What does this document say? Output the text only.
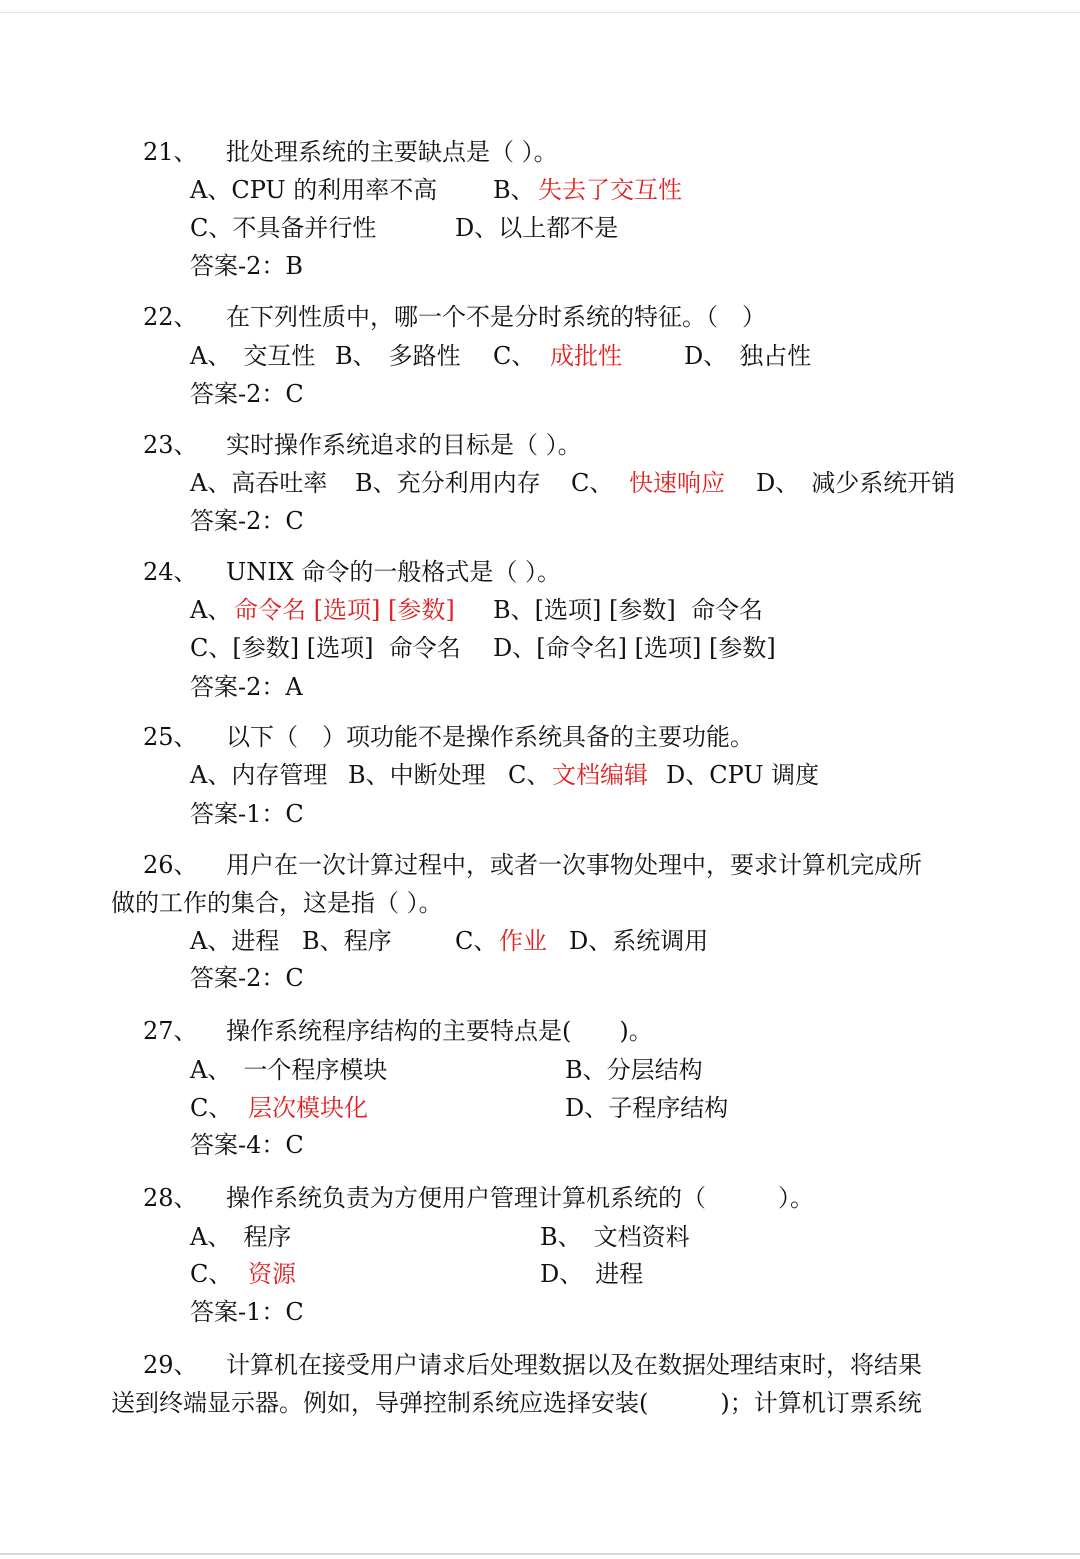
21、 批处理系统的主要缺点是（ ）。
A、CPU 的利用率不高 B、 失去了交互性
C、不具备并行性	D、以上都不是
答案-2：B
22、 在下列性质中，哪一个不是分时系统的特征。（　）
A、　交互性 B、　多路性 C、 成批性	D、　独占性
答案-2：C
23、 实时操作系统追求的目标是（ ）。
A、高吞吐率 B、充分利用内存 C、 快速响应 D、　减少系统开销
答案-2：C
24、 UNIX 命令的一般格式是（ ）。
A、 命令名 [选项] [参数] B、[选项] [参数]  命令名
C、[参数] [选项]  命令名 D、[命令名] [选项] [参数]
答案-2：A
25、 以下（　）项功能不是操作系统具备的主要功能。
A、内存管理 B、中断处理 C、 文档编辑 D、CPU 调度
答案-1：C
26、 用户在一次计算过程中，或者一次事物处理中，要求计算机完成所
做的工作的集合，这是指（ ）。
A、进程 B、程序	C、 作业 D、系统调用
答案-2：C
27、 操作系统程序结构的主要特点是(　　)。
A、　一个程序模块	B、分层结构
C、 层次模块化	D、子程序结构
答案-4：C
28、 操作系统负责为方便用户管理计算机系统的（　　　）。
A、　程序	B、　文档资料
C、 资源	D、　进程
答案-1：C
29、 计算机在接受用户请求后处理数据以及在数据处理结束时，将结果
送到终端显示器。例如，导弹控制系统应选择安装(　　　)；计算机订票系统
